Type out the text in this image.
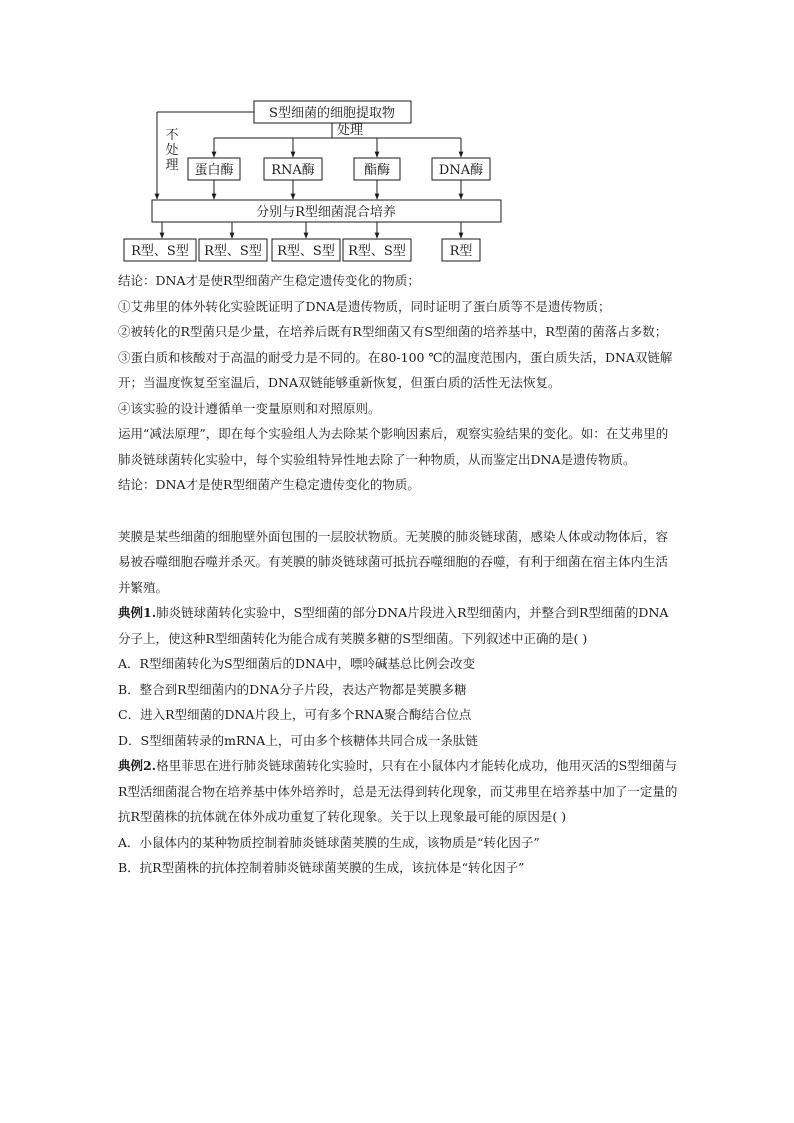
S型细菌的细胞提取物
处理
不
处
理 蛋白酶	RNA酶	酯酶	DNA酶
分别与R型细菌混合培养
R型、S型 R型、S型 R型、S型 R型、S型	R型

结论：DNA才是使R型细菌产生稳定遗传变化的物质；

①艾弗里的体外转化实验既证明了DNA是遗传物质，同时证明了蛋白质等不是遗传物质；

②被转化的R型菌只是少量，在培养后既有R型细菌又有S型细菌的培养基中，R型菌的菌落占多数；

③蛋白质和核酸对于高温的耐受力是不同的。在80-100 ℃的温度范围内，蛋白质失活，DNA双链解开；当温度恢复至室温后，DNA双链能够重新恢复，但蛋白质的活性无法恢复。

④该实验的设计遵循单一变量原则和对照原则。

运用“减法原理”，即在每个实验组人为去除某个影响因素后，观察实验结果的变化。如：在艾弗里的肺炎链球菌转化实验中，每个实验组特异性地去除了一种物质，从而鉴定出DNA是遗传物质。

结论：DNA才是使R型细菌产生稳定遗传变化的物质。

荚膜是某些细菌的细胞壁外面包围的一层胶状物质。无荚膜的肺炎链球菌，感染人体或动物体后，容易被吞噬细胞吞噬并杀灭。有荚膜的肺炎链球菌可抵抗吞噬细胞的吞噬，有利于细菌在宿主体内生活并繁殖。

典例1.肺炎链球菌转化实验中，S型细菌的部分DNA片段进入R型细菌内，并整合到R型细菌的DNA分子上，使这种R型细菌转化为能合成有荚膜多糖的S型细菌。下列叙述中正确的是( )

A．R型细菌转化为S型细菌后的DNA中，嘌呤碱基总比例会改变

B．整合到R型细菌内的DNA分子片段，表达产物都是荚膜多糖

C．进入R型细菌的DNA片段上，可有多个RNA聚合酶结合位点

D．S型细菌转录的mRNA上，可由多个核糖体共同合成一条肽链

典例2.格里菲思在进行肺炎链球菌转化实验时，只有在小鼠体内才能转化成功，他用灭活的S型细菌与R型活细菌混合物在培养基中体外培养时，总是无法得到转化现象，而艾弗里在培养基中加了一定量的抗R型菌株的抗体就在体外成功重复了转化现象。关于以上现象最可能的原因是( )

A．小鼠体内的某种物质控制着肺炎链球菌荚膜的生成，该物质是“转化因子”

B．抗R型菌株的抗体控制着肺炎链球菌荚膜的生成，该抗体是“转化因子”
